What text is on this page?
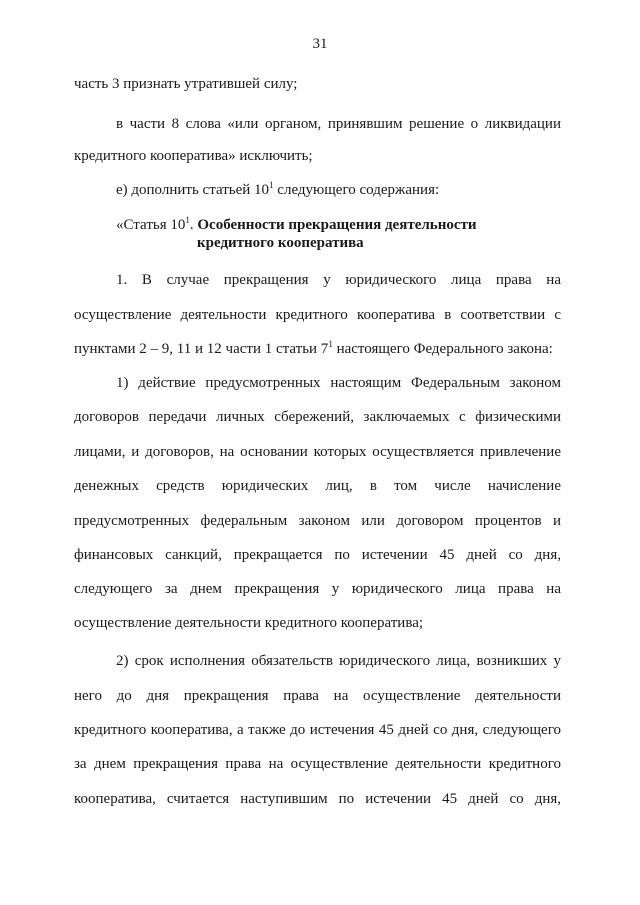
31

часть 3 признать утратившей силу;

в части 8 слова «или органом, принявшим решение о ликвидации

кредитного кооператива» исключить;

е) дополнить статьей $10^1$ следующего содержания:

«Статья $10^1$. Особенности прекращения деятельности

кредитного кооператива

1. В случае прекращения у юридического лица права на

осуществление деятельности кредитного кооператива в соответствии с

пунктами 2 – 9, 11 и 12 части 1 статьи $7^1$ настоящего Федерального закона:

1) действие предусмотренных настоящим Федеральным законом

договоров передачи личных сбережений, заключаемых с физическими

лицами, и договоров, на основании которых осуществляется привлечение

денежных средств юридических лиц, в том числе начисление

предусмотренных федеральным законом или договором процентов и

финансовых санкций, прекращается по истечении 45 дней со дня,

следующего за днем прекращения у юридического лица права на

осуществление деятельности кредитного кооператива;

2) срок исполнения обязательств юридического лица, возникших у

него до дня прекращения права на осуществление деятельности

кредитного кооператива, а также до истечения 45 дней со дня, следующего

за днем прекращения права на осуществление деятельности кредитного

кооператива, считается наступившим по истечении 45 дней со дня,
